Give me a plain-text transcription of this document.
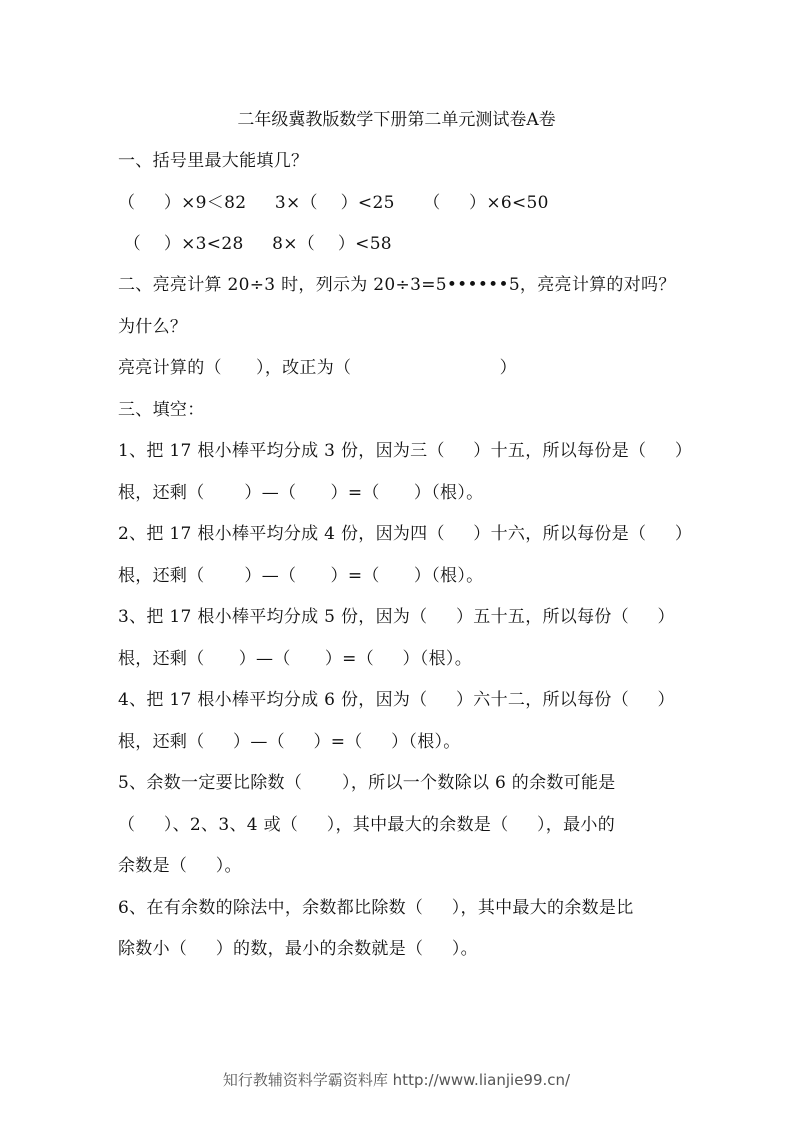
二年级冀教版数学下册第二单元测试卷A卷
一、括号里最大能填几？
（     ）×9＜82     3×（    ）<25     （     ）×6<50
（    ）×3<28     8×（    ）<58
二、亮亮计算 20÷3 时，列示为 20÷3=5••••••5，亮亮计算的对吗？
为什么？
亮亮计算的（      ），改正为（                          ）
三、填空：
1、把 17 根小棒平均分成 3 份，因为三（     ）十五，所以每份是（     ）
根，还剩（       ）—（      ）=（      ）（根）。
2、把 17 根小棒平均分成 4 份，因为四（     ）十六，所以每份是（     ）
根，还剩（       ）—（      ）=（      ）（根）。
3、把 17 根小棒平均分成 5 份，因为（     ）五十五，所以每份（     ）
根，还剩（      ）—（      ）=（     ）（根）。
4、把 17 根小棒平均分成 6 份，因为（     ）六十二，所以每份（     ）
根，还剩（     ）—（     ）=（     ）（根）。
5、余数一定要比除数（       ），所以一个数除以 6 的余数可能是
（     ）、2、3、4 或（     ），其中最大的余数是（     ），最小的
余数是（     ）。
6、在有余数的除法中，余数都比除数（     ），其中最大的余数是比
除数小（     ）的数，最小的余数就是（     ）。
知行教辅资料学霸资料库 http://www.lianjie99.cn/
